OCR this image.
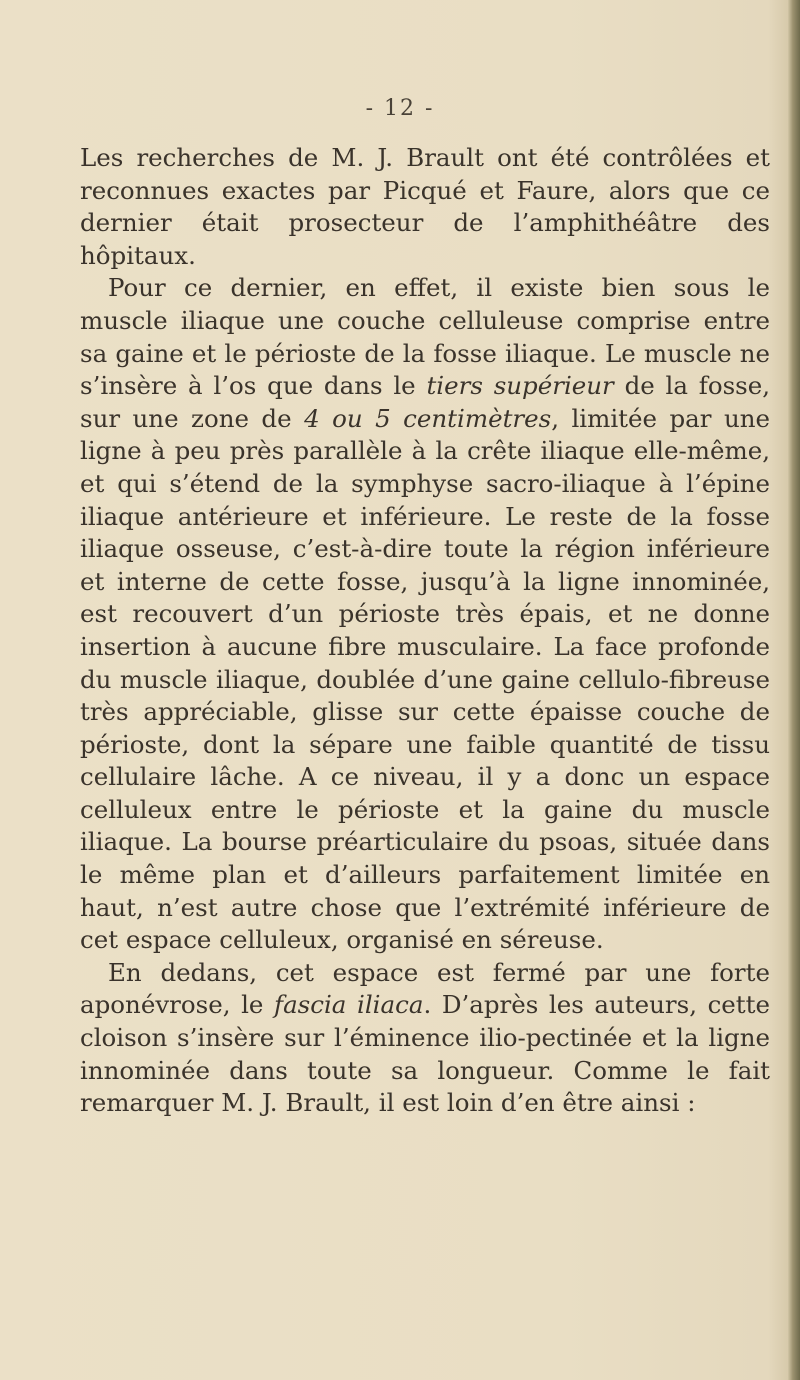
- 12 -

Les recherches de M. J. Brault ont été contrôlées et reconnues exactes par Picqué et Faure, alors que ce dernier était prosecteur de l’amphithéâtre des hôpitaux.

Pour ce dernier, en effet, il existe bien sous le muscle iliaque une couche celluleuse comprise entre sa gaine et le périoste de la fosse iliaque. Le muscle ne s’insère à l’os que dans le tiers supérieur de la fosse, sur une zone de 4 ou 5 centimètres, limitée par une ligne à peu près parallèle à la crête iliaque elle-même, et qui s’étend de la symphyse sacro-iliaque à l’épine iliaque antérieure et inférieure. Le reste de la fosse iliaque osseuse, c’est-à-dire toute la région inférieure et interne de cette fosse, jusqu’à la ligne innominée, est recouvert d’un périoste très épais, et ne donne insertion à aucune fibre musculaire. La face profonde du muscle iliaque, doublée d’une gaine cellulo-fibreuse très appréciable, glisse sur cette épaisse couche de périoste, dont la sépare une faible quantité de tissu cellulaire lâche. A ce niveau, il y a donc un espace celluleux entre le périoste et la gaine du muscle iliaque. La bourse préarticulaire du psoas, située dans le même plan et d’ailleurs parfaitement limitée en haut, n’est autre chose que l’extrémité inférieure de cet espace celluleux, organisé en séreuse.

En dedans, cet espace est fermé par une forte aponévrose, le fascia iliaca. D’après les auteurs, cette cloison s’insère sur l’éminence ilio-pectinée et la ligne innominée dans toute sa longueur. Comme le fait remarquer M. J. Brault, il est loin d’en être ainsi :
